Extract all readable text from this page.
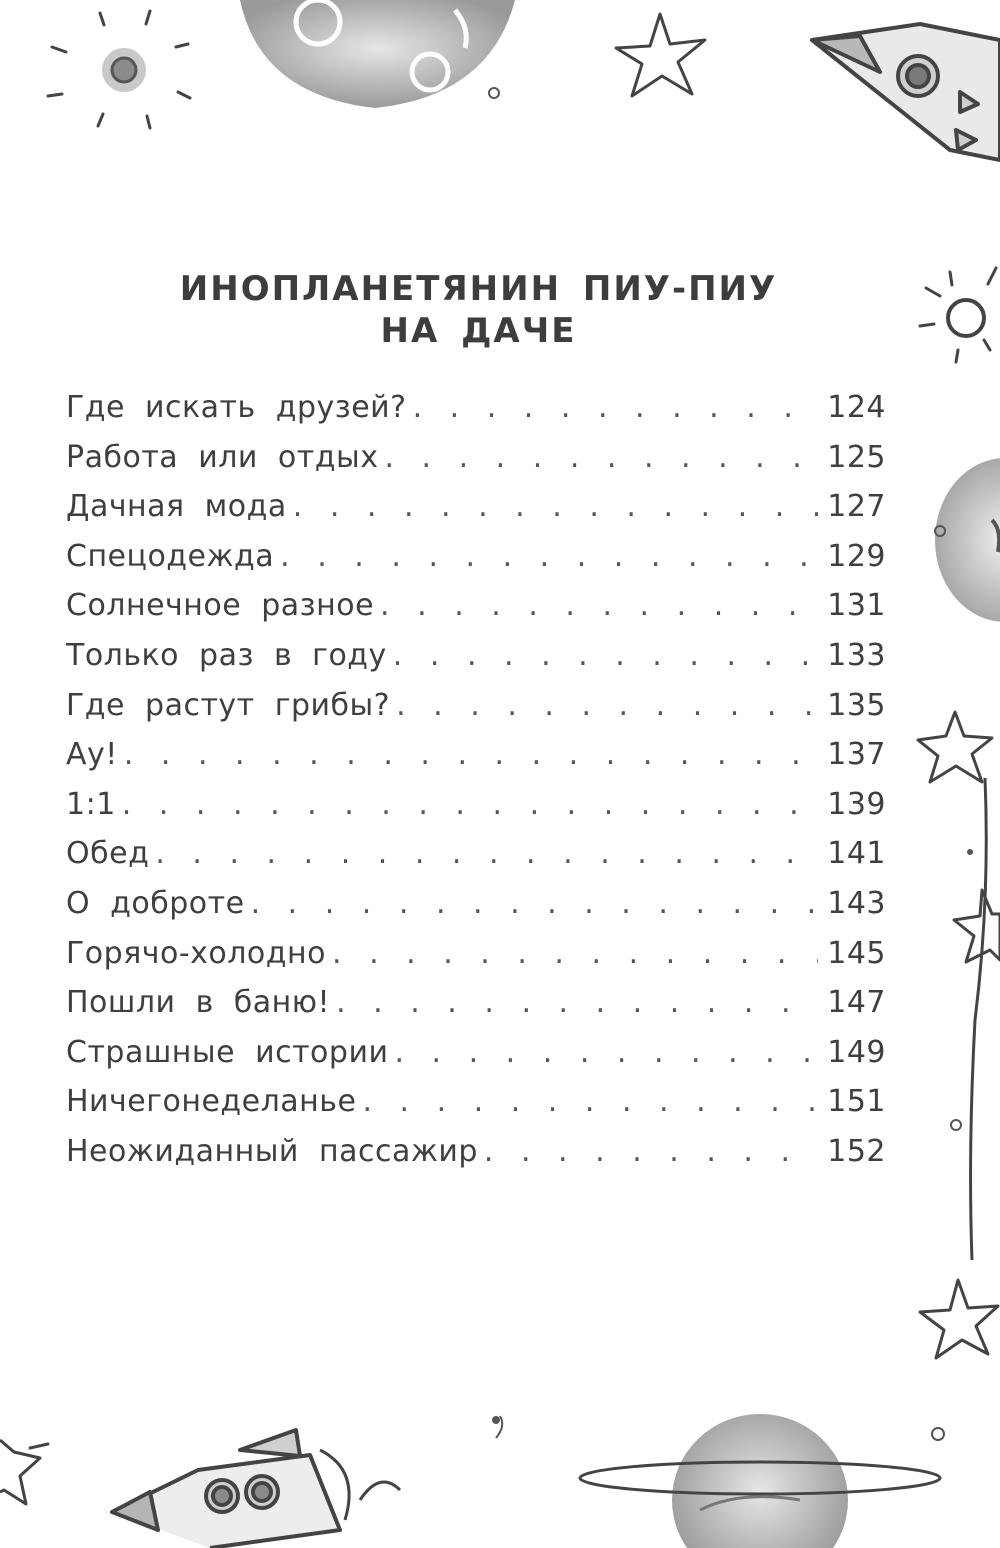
ИНОПЛАНЕТЯНИН ПИУ-ПИУ
НА ДАЧЕ
Где искать друзей? . . .	124
Работа или отдых . . .	125
Дачная мода . . .	127
Спецодежда . . .	129
Солнечное разное . . .	131
Только раз в году . . .	133
Где растут грибы? . . .	135
Ау! . . .	137
1:1 . . .	139
Обед . . .	141
О доброте . . .	143
Горячо-холодно . . .	145
Пошли в баню! . . .	147
Страшные истории . . .	149
Ничегонеделанье . . .	151
Неожиданный пассажир . . .	152
